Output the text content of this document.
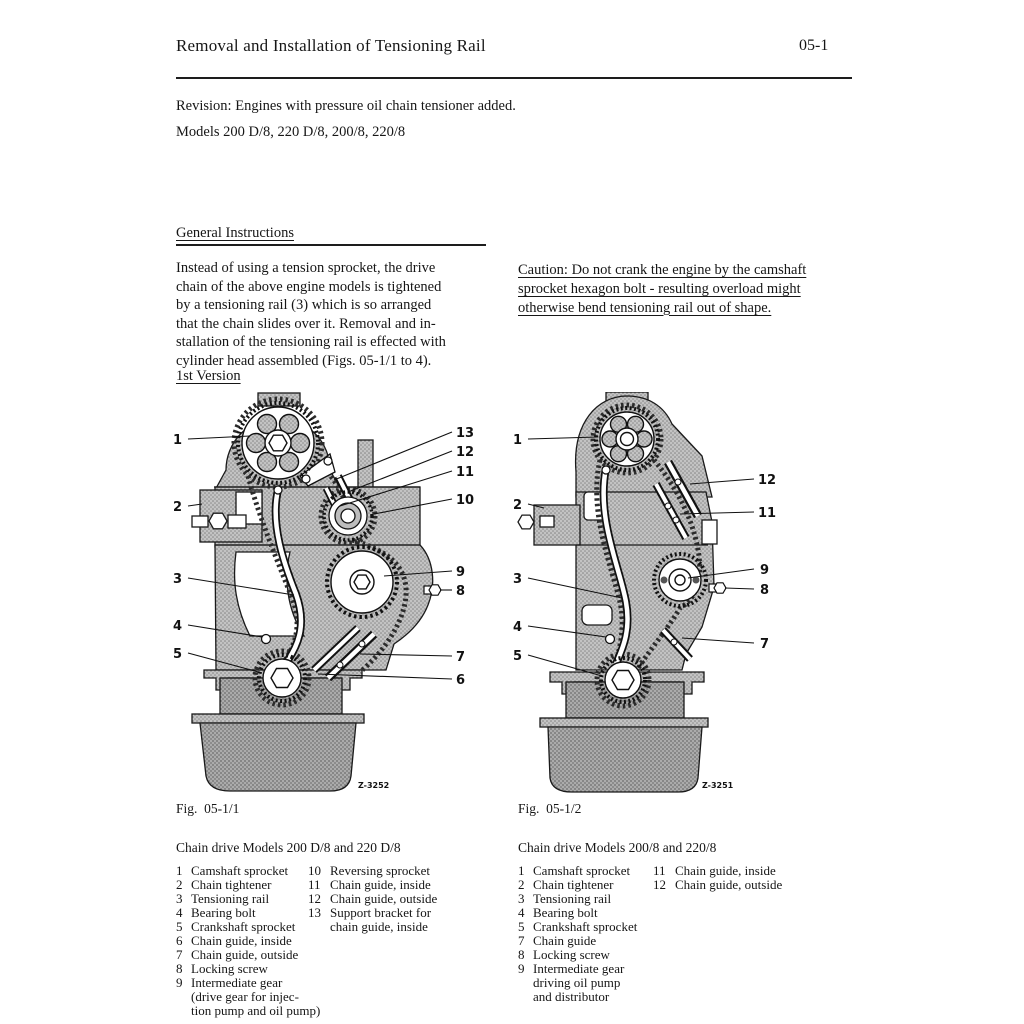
Removal and Installation of Tensioning Rail	05-1
Revision: Engines with pressure oil chain tensioner added.
Models 200 D/8, 220 D/8, 200/8, 220/8
General Instructions
Instead of using a tension sprocket, the drive
chain of the above engine models is tightened
by a tensioning rail (3) which is so arranged
that the chain slides over it. Removal and in-
stallation of the tensioning rail is effected with
cylinder head assembled (Figs. 05-1/1 to 4).
1st Version
Caution: Do not crank the engine by the camshaft
sprocket hexagon bolt - resulting overload might
otherwise bend tensioning rail out of shape.
1
2
3
4
5
13
12
11
10
9
8
7
6
Z-3252
1
2
3
4
5
12
11
9
8
7
Z-3251
Fig.  05-1/1	Fig.  05-1/2
Chain drive Models 200 D/8 and 220 D/8	Chain drive Models 200/8 and 220/8
1 Camshaft sprocket
2 Chain tightener
3 Tensioning rail
4 Bearing bolt
5 Crankshaft sprocket
6 Chain guide, inside
7 Chain guide, outside
8 Locking screw
9 Intermediate gear
(drive gear for injec-
tion pump and oil pump)
10 Reversing sprocket
11 Chain guide, inside
12 Chain guide, outside
13 Support bracket for
chain guide, inside
1 Camshaft sprocket
2 Chain tightener
3 Tensioning rail
4 Bearing bolt
5 Crankshaft sprocket
7 Chain guide
8 Locking screw
9 Intermediate gear
driving oil pump
and distributor
11 Chain guide, inside
12 Chain guide, outside
